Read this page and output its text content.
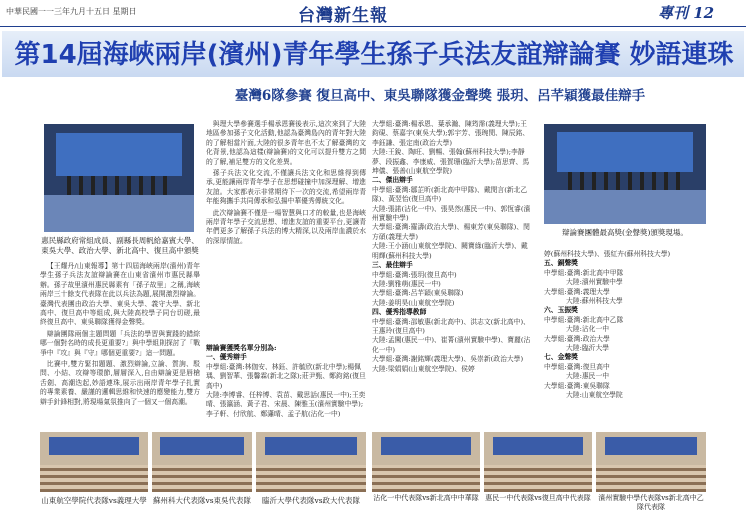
中華民國一一三年九月十五日 星期日	台灣新生報	專刊 12
第14屆海峽兩岸(濱州)青年學生孫子兵法友誼辯論賽 妙語連珠
臺灣6隊參賽 復旦高中、東吳聯隊獲金聲獎 張玥、呂芊穎獲最佳辯手
惠民縣政府常組成員、副縣長周帆給嘉賓大學、東吳大學、政治大學、新北高中、復旦高中頒獎

【王耀丹/山東報導】第十四屆海峽兩岸(濱州)青年學生孫子兵法友誼辯論賽在山東省濱州市惠民縣舉辦。孫子故里濱州惠民縣素有「孫子故里」之稱,海峽兩岸三十餘支代表隊在此以兵法為題,展開激烈辯論。臺灣代表團由政治大學、東吳大學、義守大學、新北高中、復旦高中等組成,與大陸高校學子同台切磋,最終復旦高中、東吳聯隊獲得金聲獎。

辯論團隊兩個主題問題「兵法的學習與實踐的錯綜哪一個對名時的成長更重要?」與中學組則探討了「戰爭中『攻』與『守』哪個更重要?」這一問題。

比賽中,雙方緊扣題題、激烈辯論,立論、質詢、駁問、小結、攻辯等環節,層層深入,自由辯論更是唇槍舌劍、高潮迭起,妙語連珠,展示出兩岸青年學子扎實的專業素養、嚴謹的邏輯思維和快速的應變能力,雙方辯手針鋒相對,將現場氣氛推向了一個又一個高潮。

與理大學參賽選手楊承恩賽後表示,這次來到了大陸地區參加孫子文化活動,他認為臺灣島內的青年對大陸的了解相當片面,大陸的很多青年也不太了解臺灣的文化背景,他認為這樣(辯論賽)的文化可以提升雙方之間的了解,補足雙方的文化差異。

孫子兵法文化交流,不僅讓兵法文化和思維得到傳承,更能讓兩岸青年學子在思想碰撞中加深理解、增進友誼。大家都表示非常期待下一次的交流,希望兩岸青年能夠攜手共同傳承和弘揚中華優秀傳統文化。

此次辯論賽不僅是一場智慧與口才的較量,也是海峽兩岸青年學子交流思想、增進友誼的重要平台,更讓青年們更多了解孫子兵法的博大精深,以及兩岸血濃於水的深厚情誼。

辯論賽獲獎名單分別為:
一、優秀辯手

中學組:臺灣:林伽安、林鈺、許毓欣(新北中學);楊佩瑀、劉智華、張馨霖(新北之隊);莊尹甄、鄭鈞銘(復旦高中)

大陸:李博睿、任梓博、袁苗、戴思話(惠民一中);王奕晴、張瀛涵、黃子君、宋晨、陳雅玉(濱州實驗中學);李子軒、付欣航、鄭瀟晴、孟子航(沾化一中)

大學組:臺灣:楊承恩、葉承瀚、陳筠霈(義理大學);王鈞硯、蔡嘉宇(東吳大學);郭宇芳、張琬閔、陳辰銘、李鈺謙、張定南(政治大學)

大陸:王銳、陶旺、劉暢、張翰(蘇州科技大學);李靜夢、段振鑫、李康威、張賀珊(臨沂大學);苗思齊、馬坤儀、張善(山東航空學院)

二、傑出辯手

中學組:臺灣:鄒芷昕(新北高中甲隊)、戴閔言(新北乙隊)、黃翌怡(復旦高中)

大陸:張諾(沾化一中)、張昊然(惠民一中)、郭恆睿(濱州實驗中學)

大學組:臺灣:羅濤(政治大學)、楊東芳(東吳聯隊)、閔方碩(義理大學)

大陸:王小涵(山東航空學院)、闕寶綠(臨沂大學)、戴明輝(蘇州科技大學)

三、最佳辯手
中學組:臺灣:張玥(復旦高中)
大陸:劉雅萌(惠民一中)
大學組:臺灣:呂芊穎(東吳聯隊)
大陸:姜明昊(山東航空學院)
四、優秀指導教師

中學組:臺灣:邵敏惠(新北高中)、洪志文(新北高中)、王惠玲(復旦高中)

大陸:孟闖(惠民一中)、崔菁(濱州實驗中學)、寶麗(沾化一中)

大學組:臺灣:謝銘輝(義理大學)、吳崇新(政治大學)

大陸:梁娟娟(山東航空學院)、侯婷

辯論賽團體最高獎(金聲獎)頒獎現場。
婷(蘇州科技大學)、張紅卉(蘇州科技大學)
五、銅聲獎
中學組:臺灣:新北高中甲隊
大陸:濱州實驗中學
大學組:臺灣:義理大學
大陸:蘇州科技大學
六、玉振獎
中學組:臺灣:新北高中乙隊
大陸:沾化一中
大學組:臺灣:政治大學
大陸:臨沂大學
七、金聲獎
中學組:臺灣:復旦高中
大陸:惠民一中
大學組:臺灣:東吳聯隊
大陸:山東航空學院
山東航空學院代表隊vs義理大學 蘇州科大代表隊vs東吳代表隊	臨沂大學代表隊vs政大代表隊	沾化一中代表隊vs新北高中中華隊 惠民一中代表隊vs復旦高中代表隊	濱州實驗中學代表隊vs新北高中乙隊代表隊
